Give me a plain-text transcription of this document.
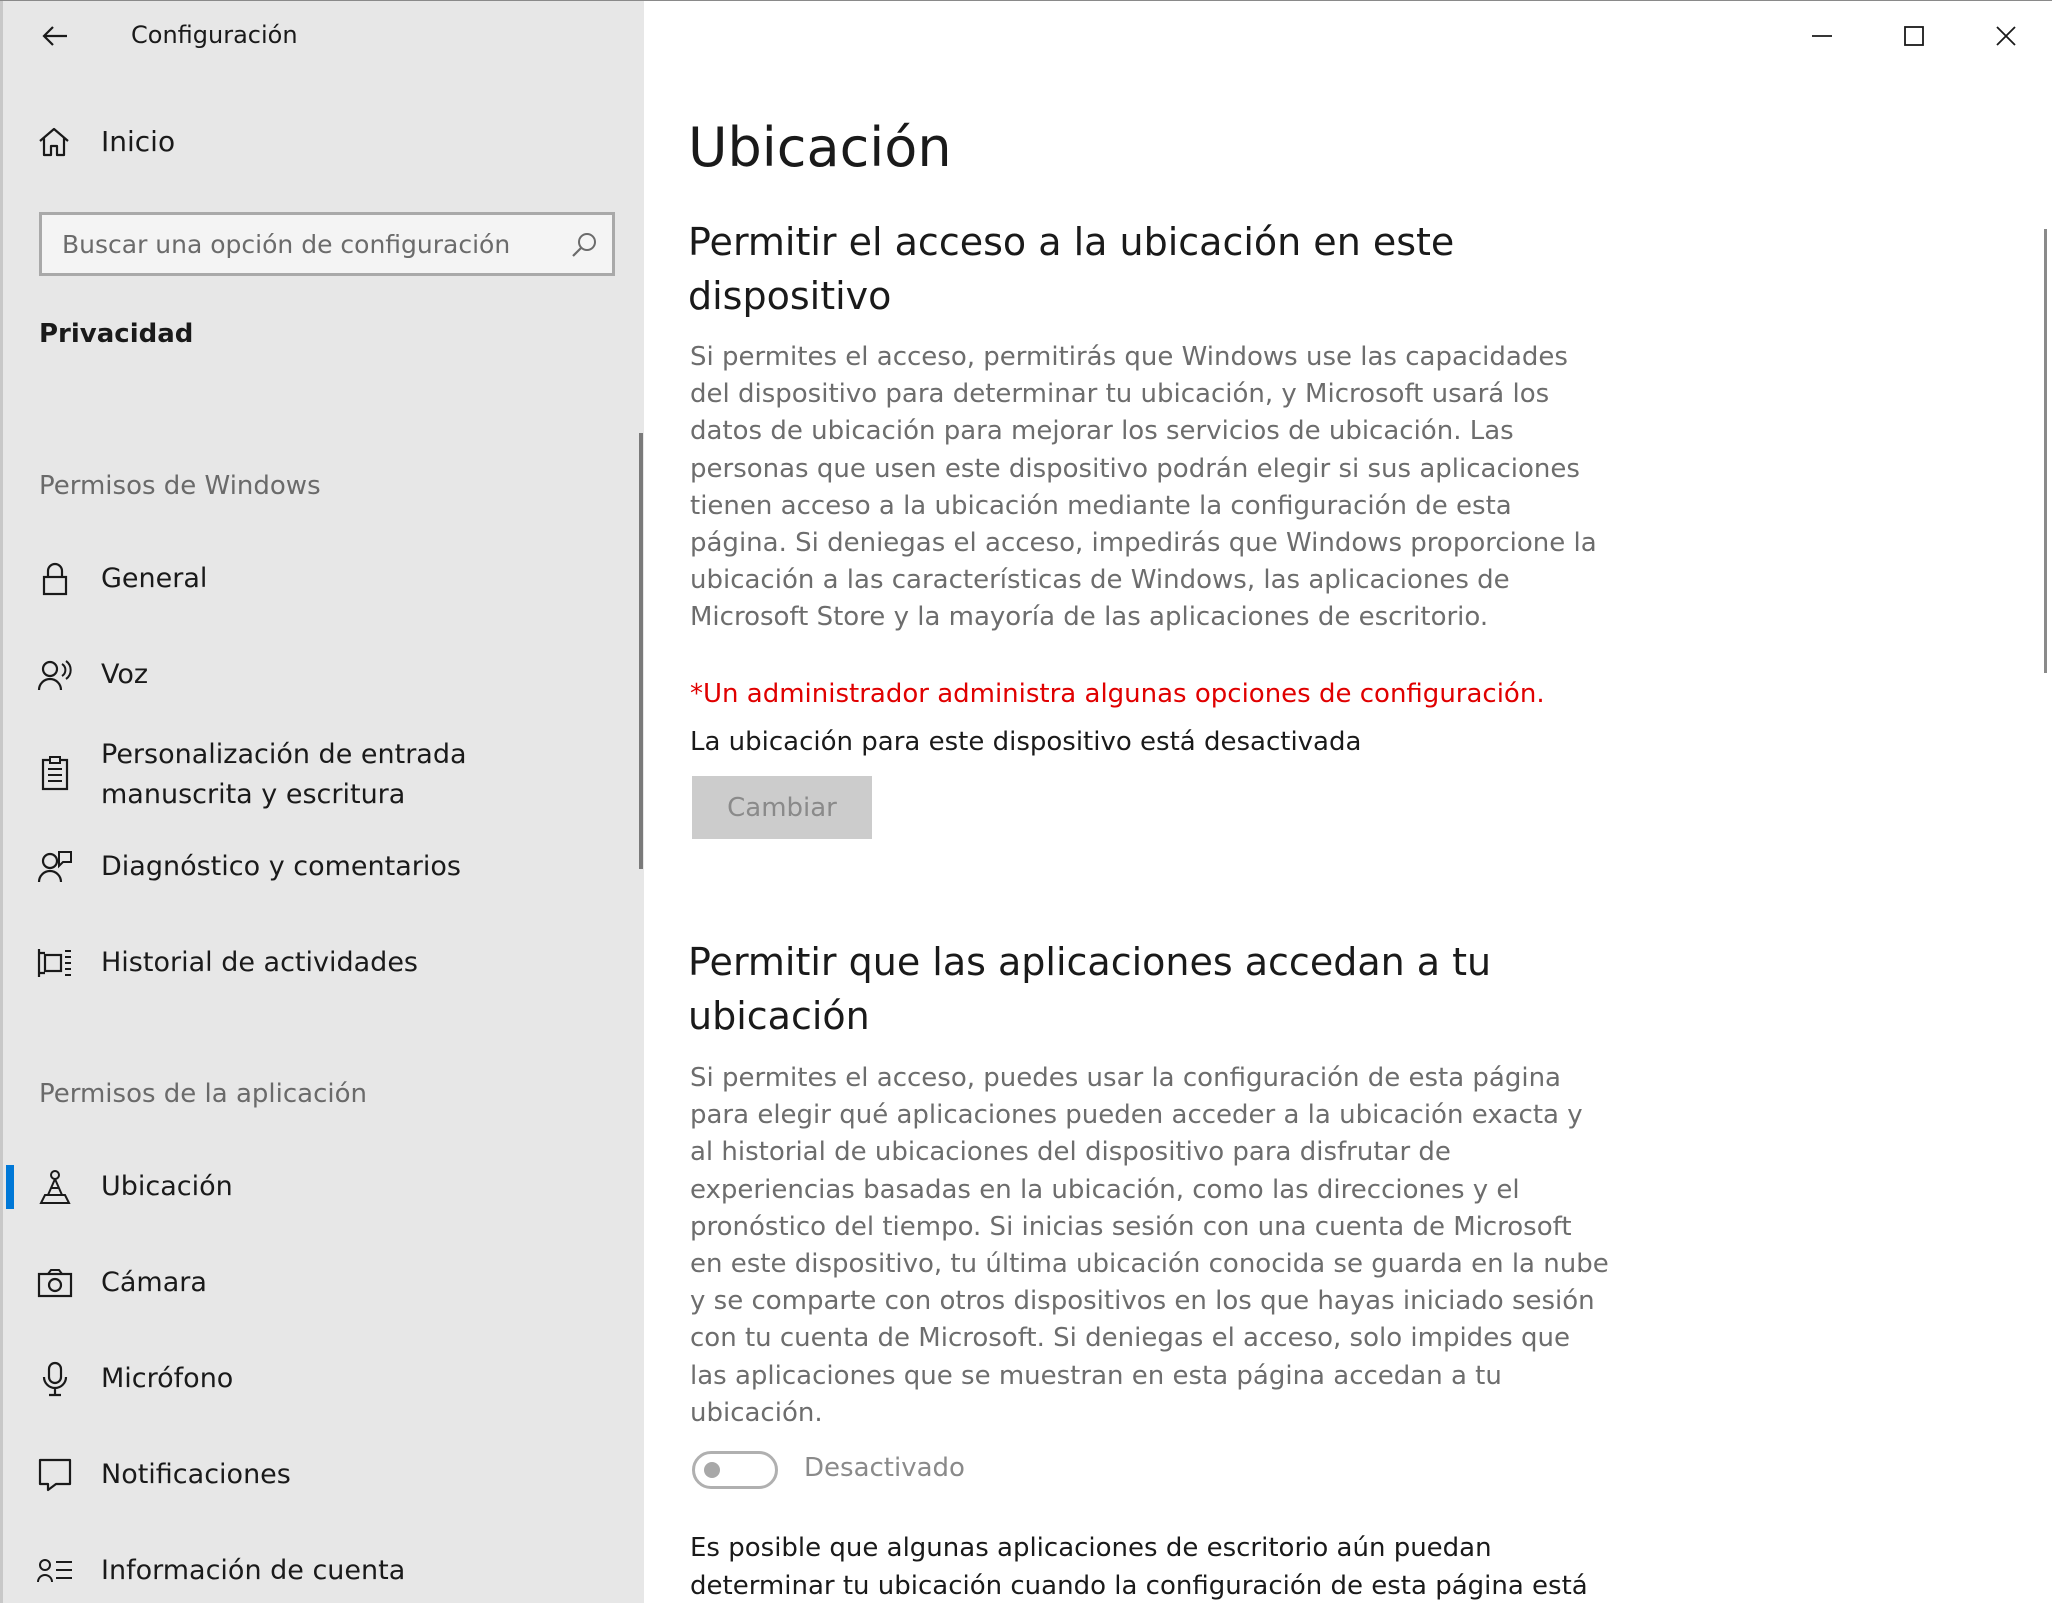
Configuración
Inicio
Buscar una opción de configuración
Privacidad
Permisos de Windows
General
Voz
Personalización de entrada manuscrita y escritura
Diagnóstico y comentarios
Historial de actividades
Permisos de la aplicación
Ubicación
Cámara
Micrófono
Notificaciones
Información de cuenta
Ubicación
Permitir el acceso a la ubicación en este dispositivo

Si permites el acceso, permitirás que Windows use las capacidades del dispositivo para determinar tu ubicación, y Microsoft usará los datos de ubicación para mejorar los servicios de ubicación. Las personas que usen este dispositivo podrán elegir si sus aplicaciones tienen acceso a la ubicación mediante la configuración de esta página. Si deniegas el acceso, impedirás que Windows proporcione la ubicación a las características de Windows, las aplicaciones de Microsoft Store y la mayoría de las aplicaciones de escritorio.

*Un administrador administra algunas opciones de configuración.
La ubicación para este dispositivo está desactivada
Cambiar
Permitir que las aplicaciones accedan a tu ubicación

Si permites el acceso, puedes usar la configuración de esta página para elegir qué aplicaciones pueden acceder a la ubicación exacta y al historial de ubicaciones del dispositivo para disfrutar de experiencias basadas en la ubicación, como las direcciones y el pronóstico del tiempo. Si inicias sesión con una cuenta de Microsoft en este dispositivo, tu última ubicación conocida se guarda en la nube y se comparte con otros dispositivos en los que hayas iniciado sesión con tu cuenta de Microsoft. Si deniegas el acceso, solo impides que las aplicaciones que se muestran en esta página accedan a tu ubicación.

Desactivado

Es posible que algunas aplicaciones de escritorio aún puedan determinar tu ubicación cuando la configuración de esta página está
